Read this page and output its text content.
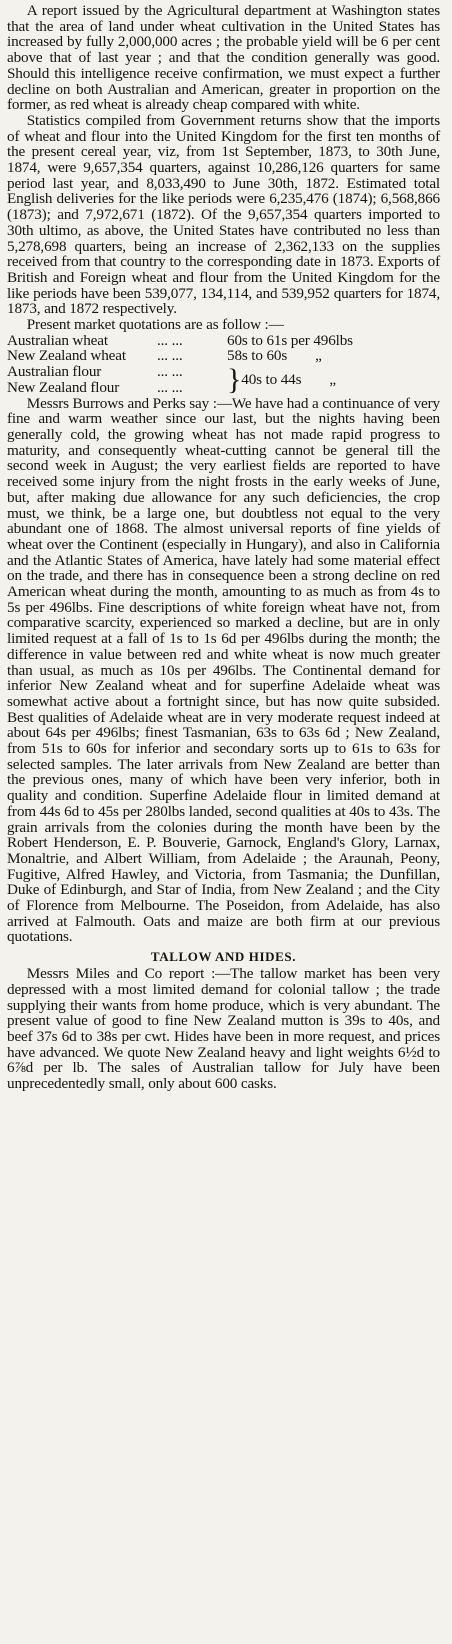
A report issued by the Agricultural department at Washington states that the area of land under wheat cultivation in the United States has increased by fully 2,000,000 acres ; the probable yield will be 6 per cent above that of last year ; and that the condition generally was good. Should this intelligence receive confirmation, we must expect a further decline on both Australian and American, greater in proportion on the former, as red wheat is already cheap compared with white.

Statistics compiled from Government returns show that the imports of wheat and flour into the United Kingdom for the first ten months of the present cereal year, viz, from 1st September, 1873, to 30th June, 1874, were 9,657,354 quarters, against 10,286,126 quarters for same period last year, and 8,033,490 to June 30th, 1872. Estimated total English deliveries for the like periods were 6,235,476 (1874); 6,568,866 (1873); and 7,972,671 (1872). Of the 9,657,354 quarters imported to 30th ultimo, as above, the United States have contributed no less than 5,278,698 quarters, being an increase of 2,362,133 on the supplies received from that country to the corresponding date in 1873. Exports of British and Foreign wheat and flour from the United Kingdom for the like periods have been 539,077, 134,114, and 539,952 quarters for 1874, 1873, and 1872 respectively.

Present market quotations are as follow :—
Australian wheat	... ...	60s to 61s per 496lbs	
New Zealand wheat	... ...	58s to 60s „	
Australian flour	... ...	}	40s to 44s „
New Zealand flour	... ...		

Messrs Burrows and Perks say :—We have had a continuance of very fine and warm weather since our last, but the nights having been generally cold, the growing wheat has not made rapid progress to maturity, and consequently wheat-cutting cannot be general till the second week in August; the very earliest fields are reported to have received some injury from the night frosts in the early weeks of June, but, after making due allowance for any such deficiencies, the crop must, we think, be a large one, but doubtless not equal to the very abundant one of 1868. The almost universal reports of fine yields of wheat over the Continent (especially in Hungary), and also in California and the Atlantic States of America, have lately had some material effect on the trade, and there has in consequence been a strong decline on red American wheat during the month, amounting to as much as from 4s to 5s per 496lbs. Fine descriptions of white foreign wheat have not, from comparative scarcity, experienced so marked a decline, but are in only limited request at a fall of 1s to 1s 6d per 496lbs during the month; the difference in value between red and white wheat is now much greater than usual, as much as 10s per 496lbs. The Continental demand for inferior New Zealand wheat and for superfine Adelaide wheat was somewhat active about a fortnight since, but has now quite subsided. Best qualities of Adelaide wheat are in very moderate request indeed at about 64s per 496lbs; finest Tasmanian, 63s to 63s 6d ; New Zealand, from 51s to 60s for inferior and secondary sorts up to 61s to 63s for selected samples. The later arrivals from New Zealand are better than the previous ones, many of which have been very inferior, both in quality and condition. Superfine Adelaide flour in limited demand at from 44s 6d to 45s per 280lbs landed, second qualities at 40s to 43s. The grain arrivals from the colonies during the month have been by the Robert Henderson, E. P. Bouverie, Garnock, England's Glory, Larnax, Monaltrie, and Albert William, from Adelaide ; the Araunah, Peony, Fugitive, Alfred Hawley, and Victoria, from Tasmania; the Dunfillan, Duke of Edinburgh, and Star of India, from New Zealand ; and the City of Florence from Melbourne. The Poseidon, from Adelaide, has also arrived at Falmouth. Oats and maize are both firm at our previous quotations.

TALLOW AND HIDES.

Messrs Miles and Co report :—The tallow market has been very depressed with a most limited demand for colonial tallow ; the trade supplying their wants from home produce, which is very abundant. The present value of good to fine New Zealand mutton is 39s to 40s, and beef 37s 6d to 38s per cwt. Hides have been in more request, and prices have advanced. We quote New Zealand heavy and light weights 6½d to 6⅞d per lb. The sales of Australian tallow for July have been unprecedentedly small, only about 600 casks.
